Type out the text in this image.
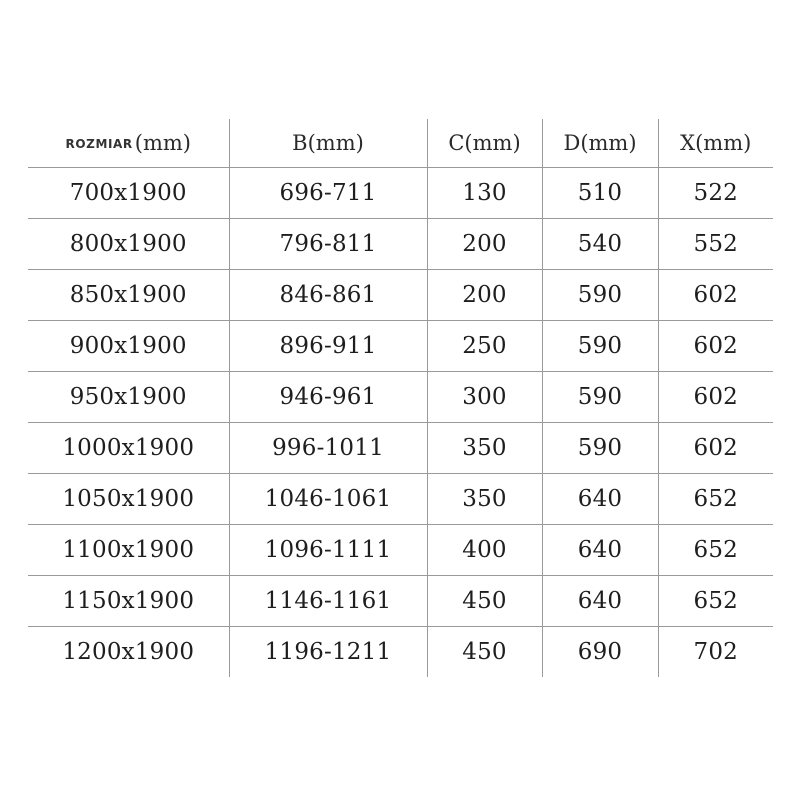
ROZMIAR(mm)	B(mm)	C(mm)	D(mm)	X(mm)
700x1900	696-711	130	510	522
800x1900	796-811	200	540	552
850x1900	846-861	200	590	602
900x1900	896-911	250	590	602
950x1900	946-961	300	590	602
1000x1900	996-1011	350	590	602
1050x1900	1046-1061	350	640	652
1100x1900	1096-1111	400	640	652
1150x1900	1146-1161	450	640	652
1200x1900	1196-1211	450	690	702
